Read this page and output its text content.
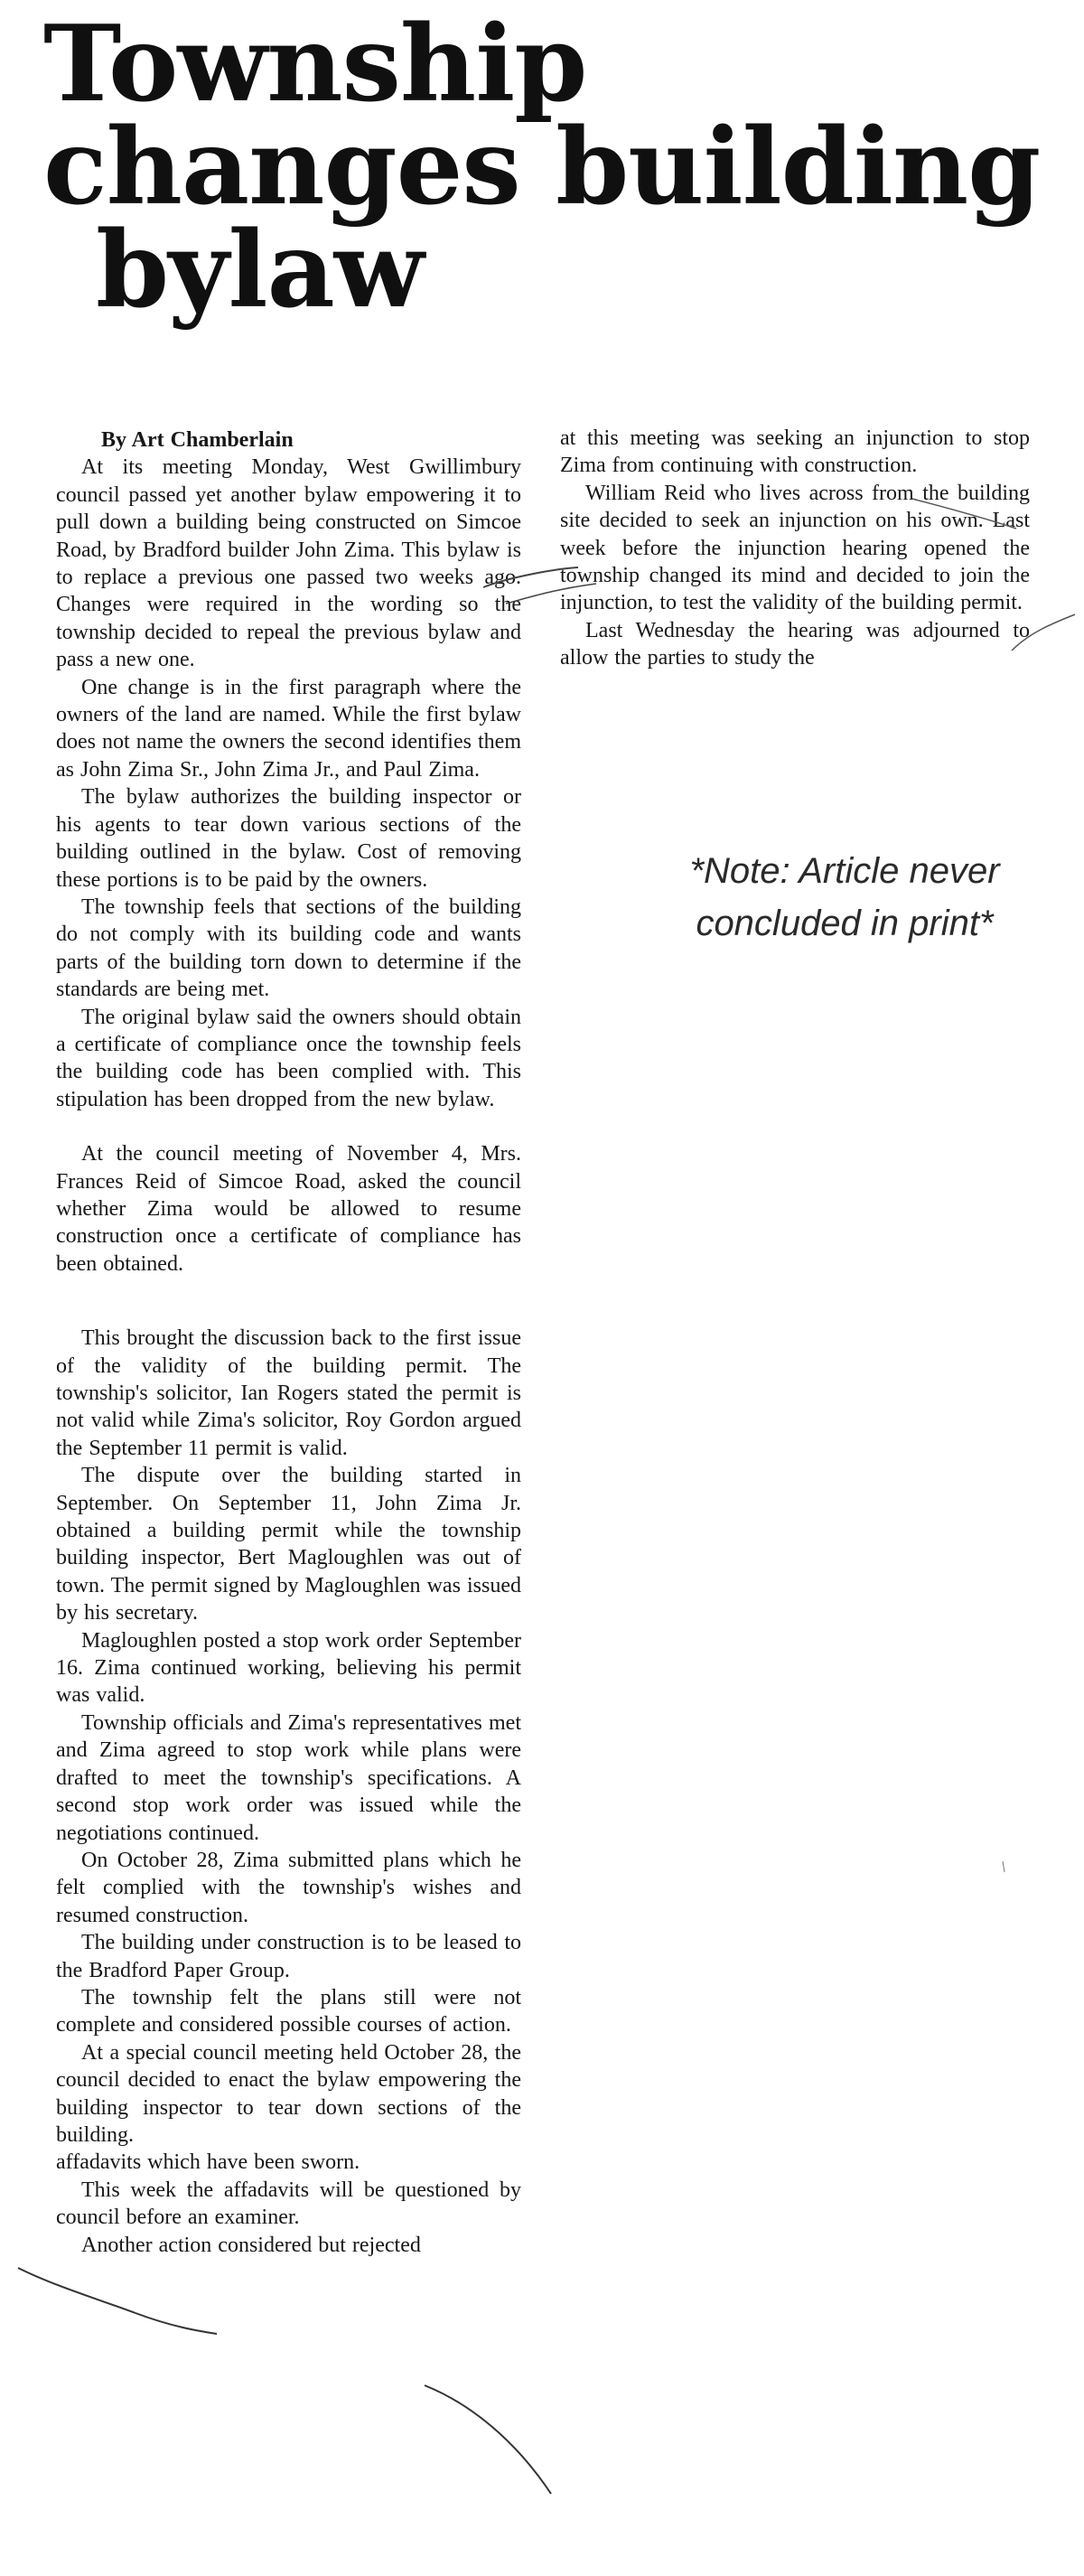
Township
changes building
bylaw

By Art Chamberlain

At its meeting Monday, West Gwillimbury council passed yet another bylaw empowering it to pull down a building being constructed on Simcoe Road, by Bradford builder John Zima. This bylaw is to replace a previous one passed two weeks ago. Changes were required in the wording so the township decided to repeal the previous bylaw and pass a new one.

One change is in the first paragraph where the owners of the land are named. While the first bylaw does not name the owners the second identifies them as John Zima Sr., John Zima Jr., and Paul Zima.

The bylaw authorizes the building inspector or his agents to tear down various sections of the building outlined in the bylaw. Cost of removing these portions is to be paid by the owners.

The township feels that sections of the building do not comply with its building code and wants parts of the building torn down to determine if the standards are being met.

The original bylaw said the owners should obtain a certificate of compliance once the township feels the building code has been complied with. This stipulation has been dropped from the new bylaw.

At the council meeting of November 4, Mrs. Frances Reid of Simcoe Road, asked the council whether Zima would be allowed to resume construction once a certificate of compliance has been obtained.

This brought the discussion back to the first issue of the validity of the building permit. The township's solicitor, Ian Rogers stated the permit is not valid while Zima's solicitor, Roy Gordon argued the September 11 permit is valid.

The dispute over the building started in September. On September 11, John Zima Jr. obtained a building permit while the township building inspector, Bert Magloughlen was out of town. The permit signed by Magloughlen was issued by his secretary.

Magloughlen posted a stop work order September 16. Zima continued working, believing his permit was valid.

Township officials and Zima's representatives met and Zima agreed to stop work while plans were drafted to meet the township's specifications. A second stop work order was issued while the negotiations continued.

On October 28, Zima submitted plans which he felt complied with the township's wishes and resumed construction.

The building under construction is to be leased to the Bradford Paper Group.

The township felt the plans still were not complete and considered possible courses of action.

At a special council meeting held October 28, the council decided to enact the bylaw empowering the building inspector to tear down sections of the building.

affadavits which have been sworn.

This week the affadavits will be questioned by council before an examiner.

Another action considered but rejected

at this meeting was seeking an injunction to stop Zima from continuing with construction.

William Reid who lives across from the building site decided to seek an injunction on his own. Last week before the injunction hearing opened the township changed its mind and decided to join the injunction, to test the validity of the building permit.

Last Wednesday the hearing was adjourned to allow the parties to study the

*Note: Article never
concluded in print*
